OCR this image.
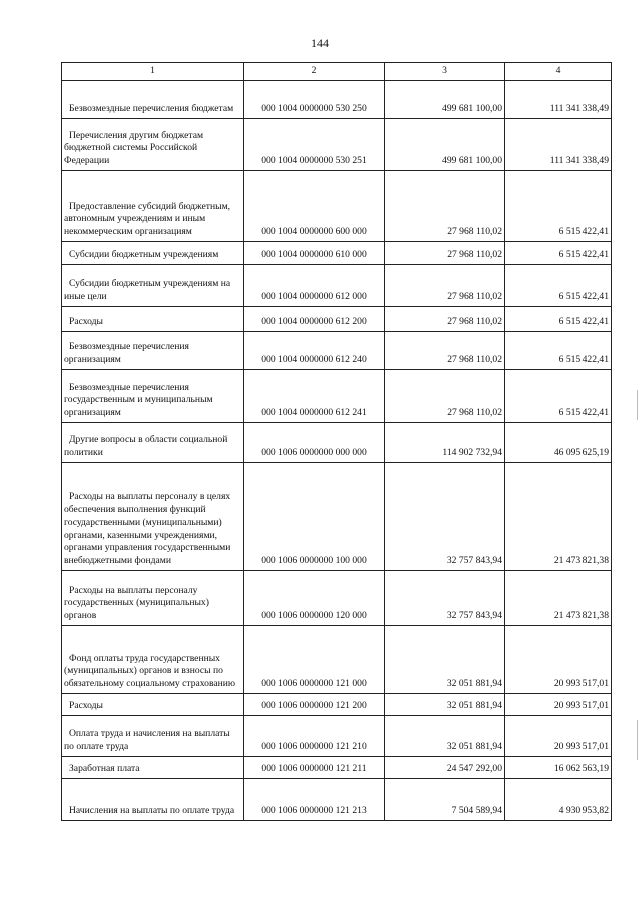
144
1	2	3	4
Безвозмездные перечисления бюджетам	000 1004 0000000 530 250	499 681 100,00	111 341 338,49
Перечисления другим бюджетам бюджетной системы Российской Федерации	000 1004 0000000 530 251	499 681 100,00	111 341 338,49
Предоставление субсидий бюджетным, автономным учреждениям и иным некоммерческим организациям	000 1004 0000000 600 000	27 968 110,02	6 515 422,41
Субсидии бюджетным учреждениям	000 1004 0000000 610 000	27 968 110,02	6 515 422,41
Субсидии бюджетным учреждениям на иные цели	000 1004 0000000 612 000	27 968 110,02	6 515 422,41
Расходы	000 1004 0000000 612 200	27 968 110,02	6 515 422,41
Безвозмездные перечисления организациям	000 1004 0000000 612 240	27 968 110,02	6 515 422,41
Безвозмездные перечисления государственным и муниципальным организациям	000 1004 0000000 612 241	27 968 110,02	6 515 422,41
Другие вопросы в области социальной политики	000 1006 0000000 000 000	114 902 732,94	46 095 625,19
Расходы на выплаты персоналу в целях обеспечения выполнения функций государственными (муниципальными) органами, казенными учреждениями, органами управления государственными внебюджетными фондами	000 1006 0000000 100 000	32 757 843,94	21 473 821,38
Расходы на выплаты персоналу государственных (муниципальных) органов	000 1006 0000000 120 000	32 757 843,94	21 473 821,38
Фонд оплаты труда государственных (муниципальных) органов и взносы по обязательному социальному страхованию	000 1006 0000000 121 000	32 051 881,94	20 993 517,01
Расходы	000 1006 0000000 121 200	32 051 881,94	20 993 517,01
Оплата труда и начисления на выплаты по оплате труда	000 1006 0000000 121 210	32 051 881,94	20 993 517,01
Заработная плата	000 1006 0000000 121 211	24 547 292,00	16 062 563,19
Начисления на выплаты по оплате труда	000 1006 0000000 121 213	7 504 589,94	4 930 953,82
